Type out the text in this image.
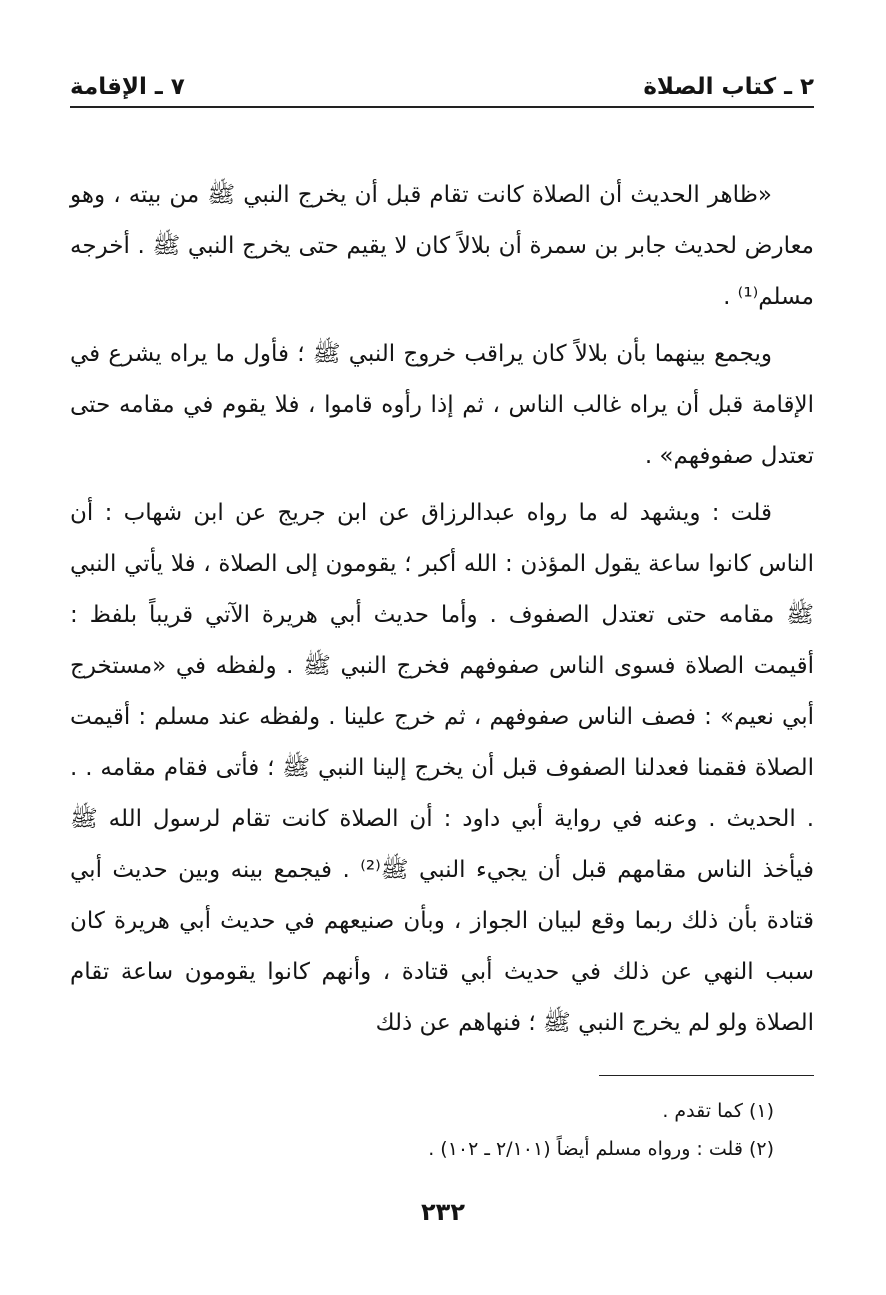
٢ ـ كتاب الصلاة
٧ ـ الإقامة

«ظاهر الحديث أن الصلاة كانت تقام قبل أن يخرج النبي ﷺ من بيته ، وهو معارض لحديث جابر بن سمرة أن بلالاً كان لا يقيم حتى يخرج النبي ﷺ . أخرجه مسلم⁽¹⁾ .

ويجمع بينهما بأن بلالاً كان يراقب خروج النبي ﷺ ؛ فأول ما يراه يشرع في الإقامة قبل أن يراه غالب الناس ، ثم إذا رأوه قاموا ، فلا يقوم في مقامه حتى تعتدل صفوفهم» .

قلت : ويشهد له ما رواه عبدالرزاق عن ابن جريج عن ابن شهاب : أن الناس كانوا ساعة يقول المؤذن : الله أكبر ؛ يقومون إلى الصلاة ، فلا يأتي النبي ﷺ مقامه حتى تعتدل الصفوف . وأما حديث أبي هريرة الآتي قريباً بلفظ : أقيمت الصلاة فسوى الناس صفوفهم فخرج النبي ﷺ . ولفظه في «مستخرج أبي نعيم» : فصف الناس صفوفهم ، ثم خرج علينا . ولفظه عند مسلم : أقيمت الصلاة فقمنا فعدلنا الصفوف قبل أن يخرج إلينا النبي ﷺ ؛ فأتى فقام مقامه . . . الحديث . وعنه في رواية أبي داود : أن الصلاة كانت تقام لرسول الله ﷺ فيأخذ الناس مقامهم قبل أن يجيء النبي ﷺ⁽²⁾ . فيجمع بينه وبين حديث أبي قتادة بأن ذلك ربما وقع لبيان الجواز ، وبأن صنيعهم في حديث أبي هريرة كان سبب النهي عن ذلك في حديث أبي قتادة ، وأنهم كانوا يقومون ساعة تقام الصلاة ولو لم يخرج النبي ﷺ ؛ فنهاهم عن ذلك

(١) كما تقدم .
(٢) قلت : ورواه مسلم أيضاً (٢/١٠١ ـ ١٠٢) .
٢٣٢
